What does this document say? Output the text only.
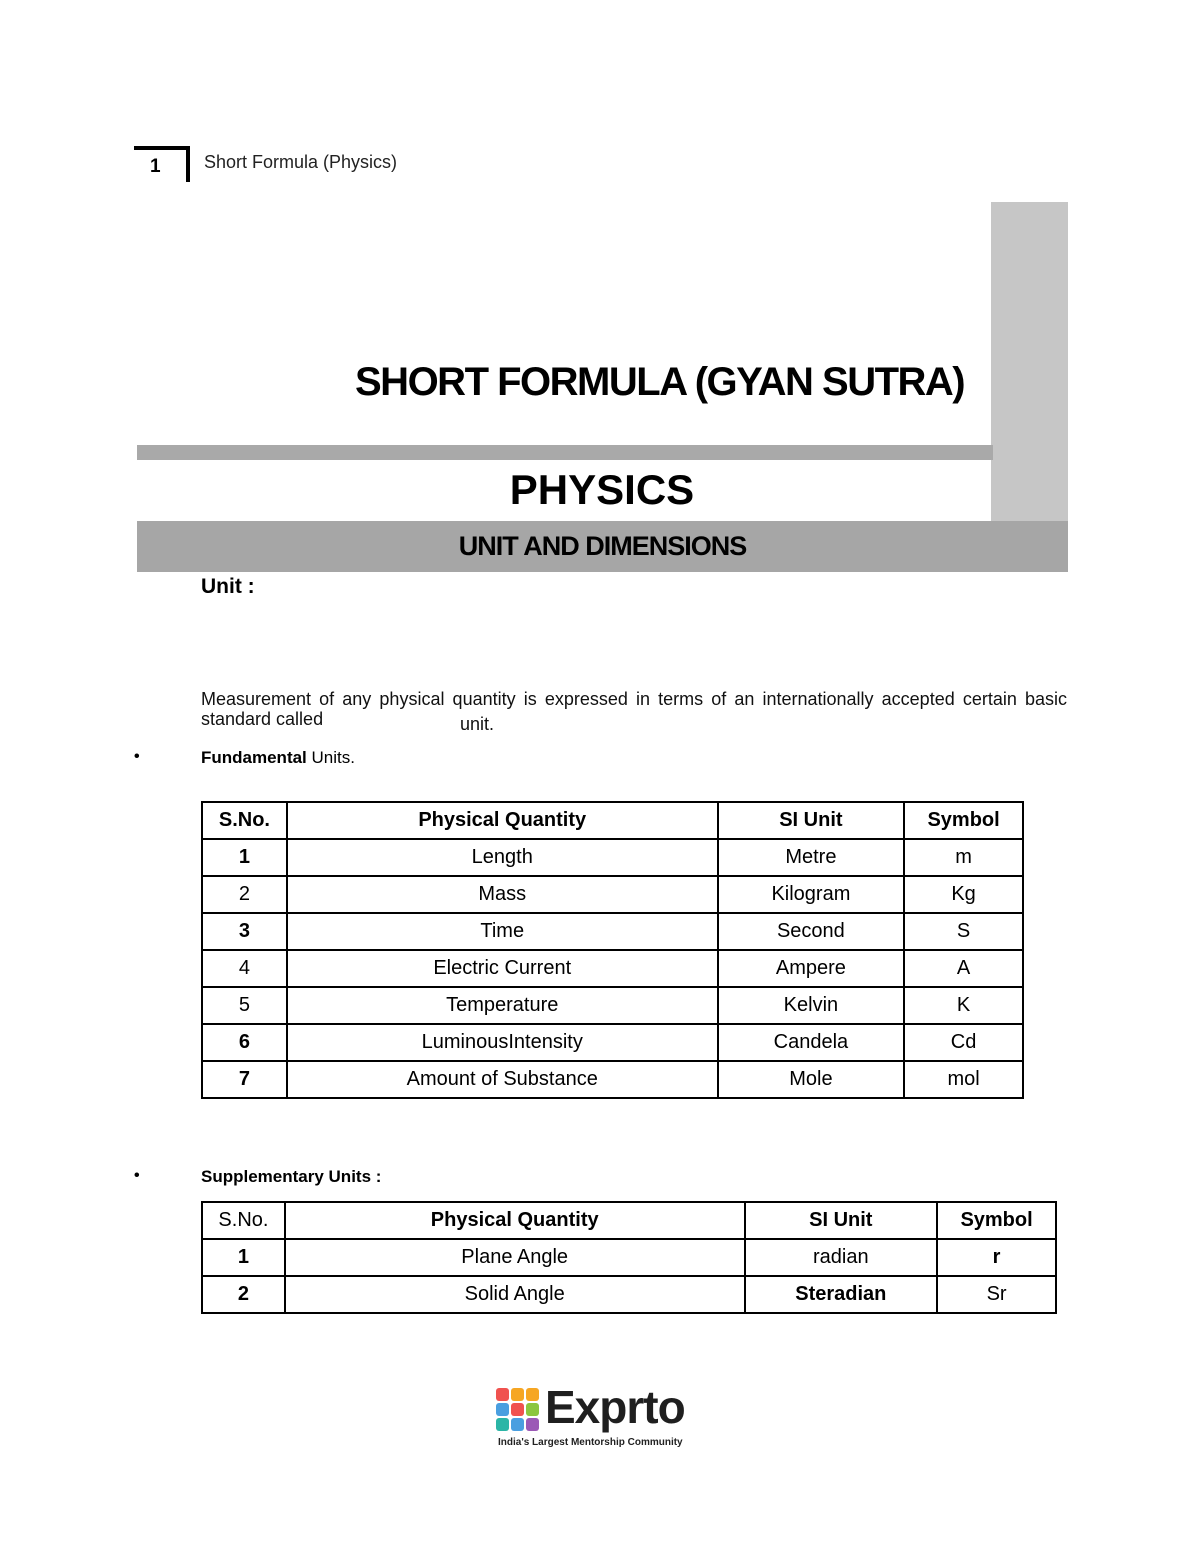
1 Short Formula (Physics)
SHORT FORMULA (GYAN SUTRA)
PHYSICS
UNIT AND DIMENSIONS
Unit :
Measurement of any physical quantity is expressed in terms of an internationally accepted certain basic standard called	unit.
•	Fundamental Units.
S.No.	Physical Quantity	SI Unit	Symbol
1	Length	Metre	m
2	Mass	Kilogram	Kg
3	Time	Second	S
4	Electric Current	Ampere	A
5	Temperature	Kelvin	K
6	LuminousIntensity	Candela	Cd
7	Amount of Substance	Mole	mol
•	Supplementary Units :
S.No.	Physical Quantity	SI Unit	Symbol
1	Plane Angle	radian	r
2	Solid Angle	Steradian	Sr
Exprto
India's Largest Mentorship Community
